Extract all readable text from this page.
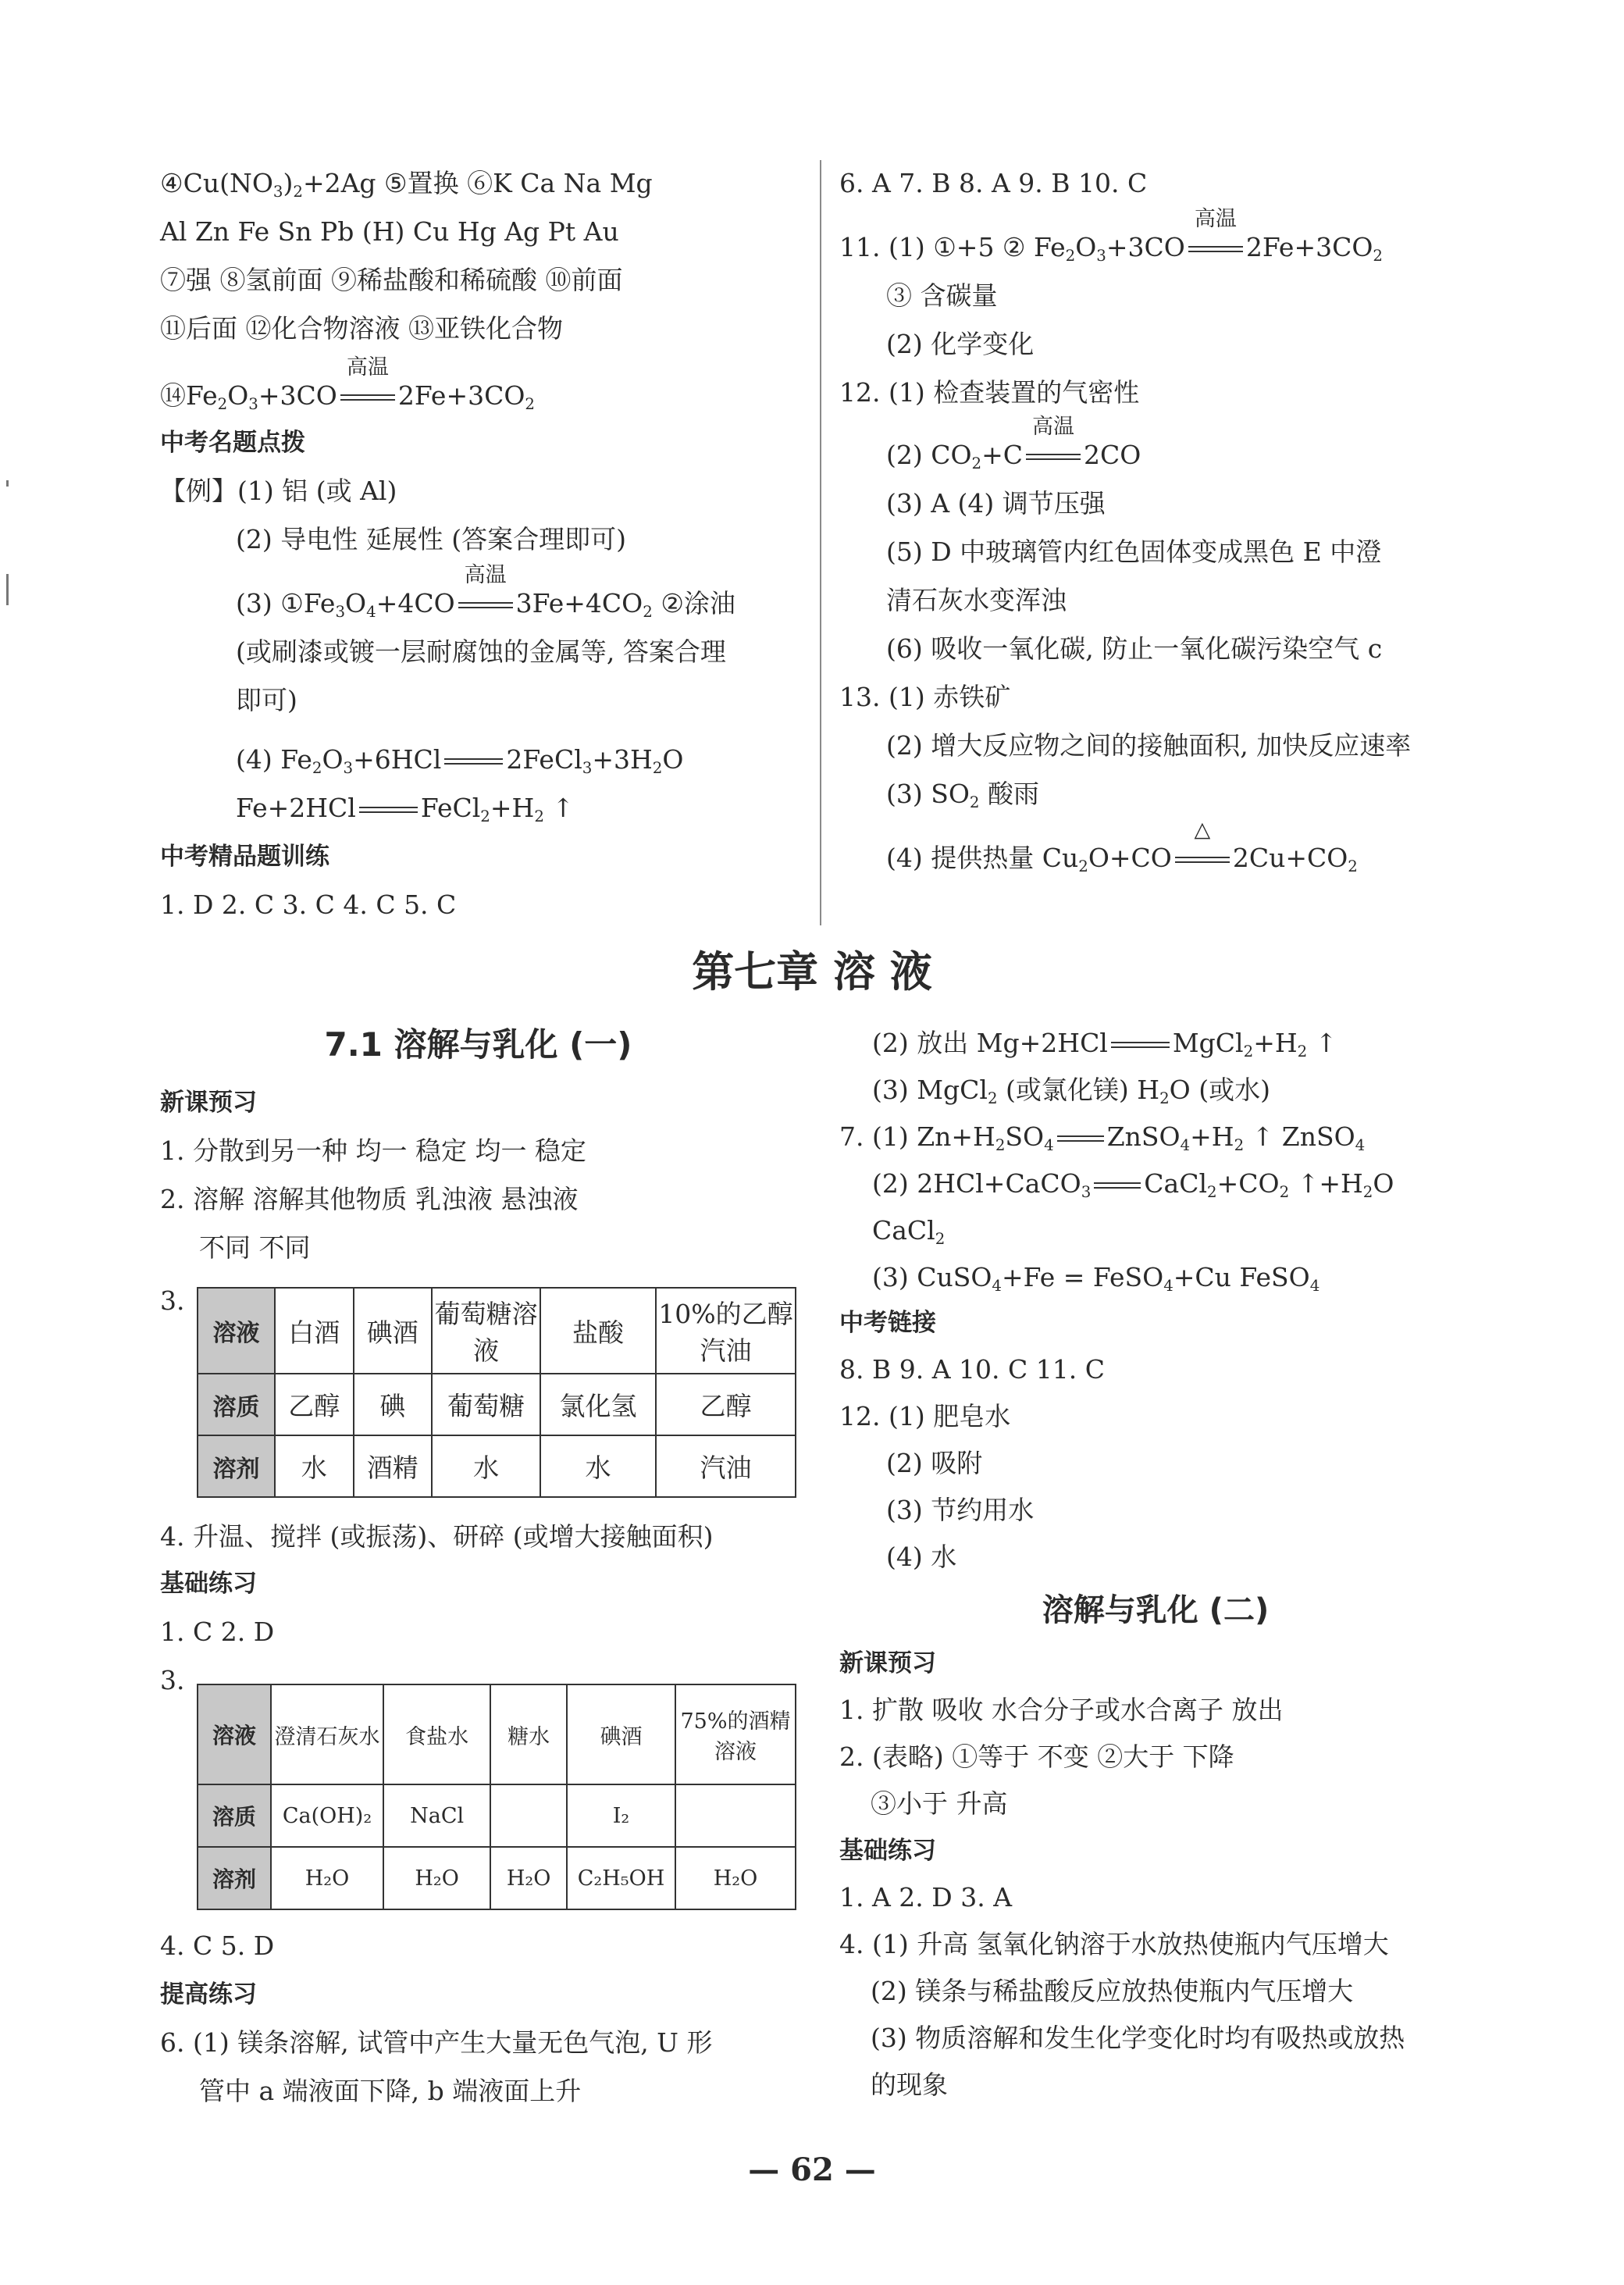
$④Cu(NO_3)_2+2Ag$ ⑤置换 ⑥K Ca Na Mg
Al Zn Fe Sn Pb (H) Cu Hg Ag Pt Au
⑦强 ⑧氢前面 ⑨稀盐酸和稀硫酸 ⑩前面
⑪后面 ⑫化合物溶液 ⑬亚铁化合物
$⑭Fe_2O_3+3CO$
高温
$2Fe+3CO_2$
中考名题点拨
【例】(1) 铝 (或 Al)
(2) 导电性 延展性 (答案合理即可)
(3) $①Fe_3O_4+4CO$
高温
$3Fe+4CO_2$ ②涂油
(或刷漆或镀一层耐腐蚀的金属等, 答案合理
即可)
(4) $Fe_2O_3+6HCl$	$2FeCl_3+3H_2O$
Fe+2HCl	$FeCl_2+H_2$ ↑
中考精品题训练
1. D 2. C 3. C 4. C 5. C
6. A 7. B 8. A 9. B 10. C
11. (1) ①+5 ② $Fe_2O_3+3CO$
高温
$2Fe+3CO_2$
③ 含碳量
(2) 化学变化
12. (1) 检查装置的气密性
(2) $CO_2+C$
高温
2CO
(3) A (4) 调节压强
(5) D 中玻璃管内红色固体变成黑色 E 中澄
清石灰水变浑浊
(6) 吸收一氧化碳, 防止一氧化碳污染空气 c
13. (1) 赤铁矿
(2) 增大反应物之间的接触面积, 加快反应速率
(3) $SO_2$ 酸雨
(4) 提供热量 $Cu_2O+CO$
△
$2Cu+CO_2$
第七章 溶 液
7.1 溶解与乳化 (一)
新课预习
1. 分散到另一种 均一 稳定 均一 稳定
2. 溶解 溶解其他物质 乳浊液 悬浊液
不同 不同
3.
溶液	白酒	碘酒	葡萄糖溶液	盐酸	10%的乙醇汽油
溶质	乙醇	碘	葡萄糖	氯化氢	乙醇
溶剂	水	酒精	水	水	汽油
4. 升温、搅拌 (或振荡)、研碎 (或增大接触面积)
基础练习
1. C 2. D
3.
溶液	澄清石灰水	食盐水	糖水	碘酒	75%的酒精溶液
溶质	Ca(OH)₂	NaCl		I₂	
溶剂	H₂O	H₂O	H₂O	C₂H₅OH	H₂O
4. C 5. D
提高练习
6. (1) 镁条溶解, 试管中产生大量无色气泡, U 形
管中 a 端液面下降, b 端液面上升
(2) 放出 Mg+2HCl	$MgCl_2+H_2$ ↑
(3) MgCl$_2$ (或氯化镁) $H_2O$ (或水)
7. (1) $Zn+H_2SO_4$ $ZnSO_4+H_2$ ↑ ZnSO$_4$
(2) 2HCl+CaCO$_3$ $CaCl_2+CO_2$ $↑+H_2O$
CaCl$_2$
(3) CuSO$_4$+Fe = FeSO$_4$+Cu FeSO$_4$
中考链接
8. B 9. A 10. C 11. C
12. (1) 肥皂水
(2) 吸附
(3) 节约用水
(4) 水
溶解与乳化 (二)
新课预习
1. 扩散 吸收 水合分子或水合离子 放出
2. (表略) ①等于 不变 ②大于 下降
③小于 升高
基础练习
1. A 2. D 3. A
4. (1) 升高 氢氧化钠溶于水放热使瓶内气压增大
(2) 镁条与稀盐酸反应放热使瓶内气压增大
(3) 物质溶解和发生化学变化时均有吸热或放热
的现象
— 62 —
